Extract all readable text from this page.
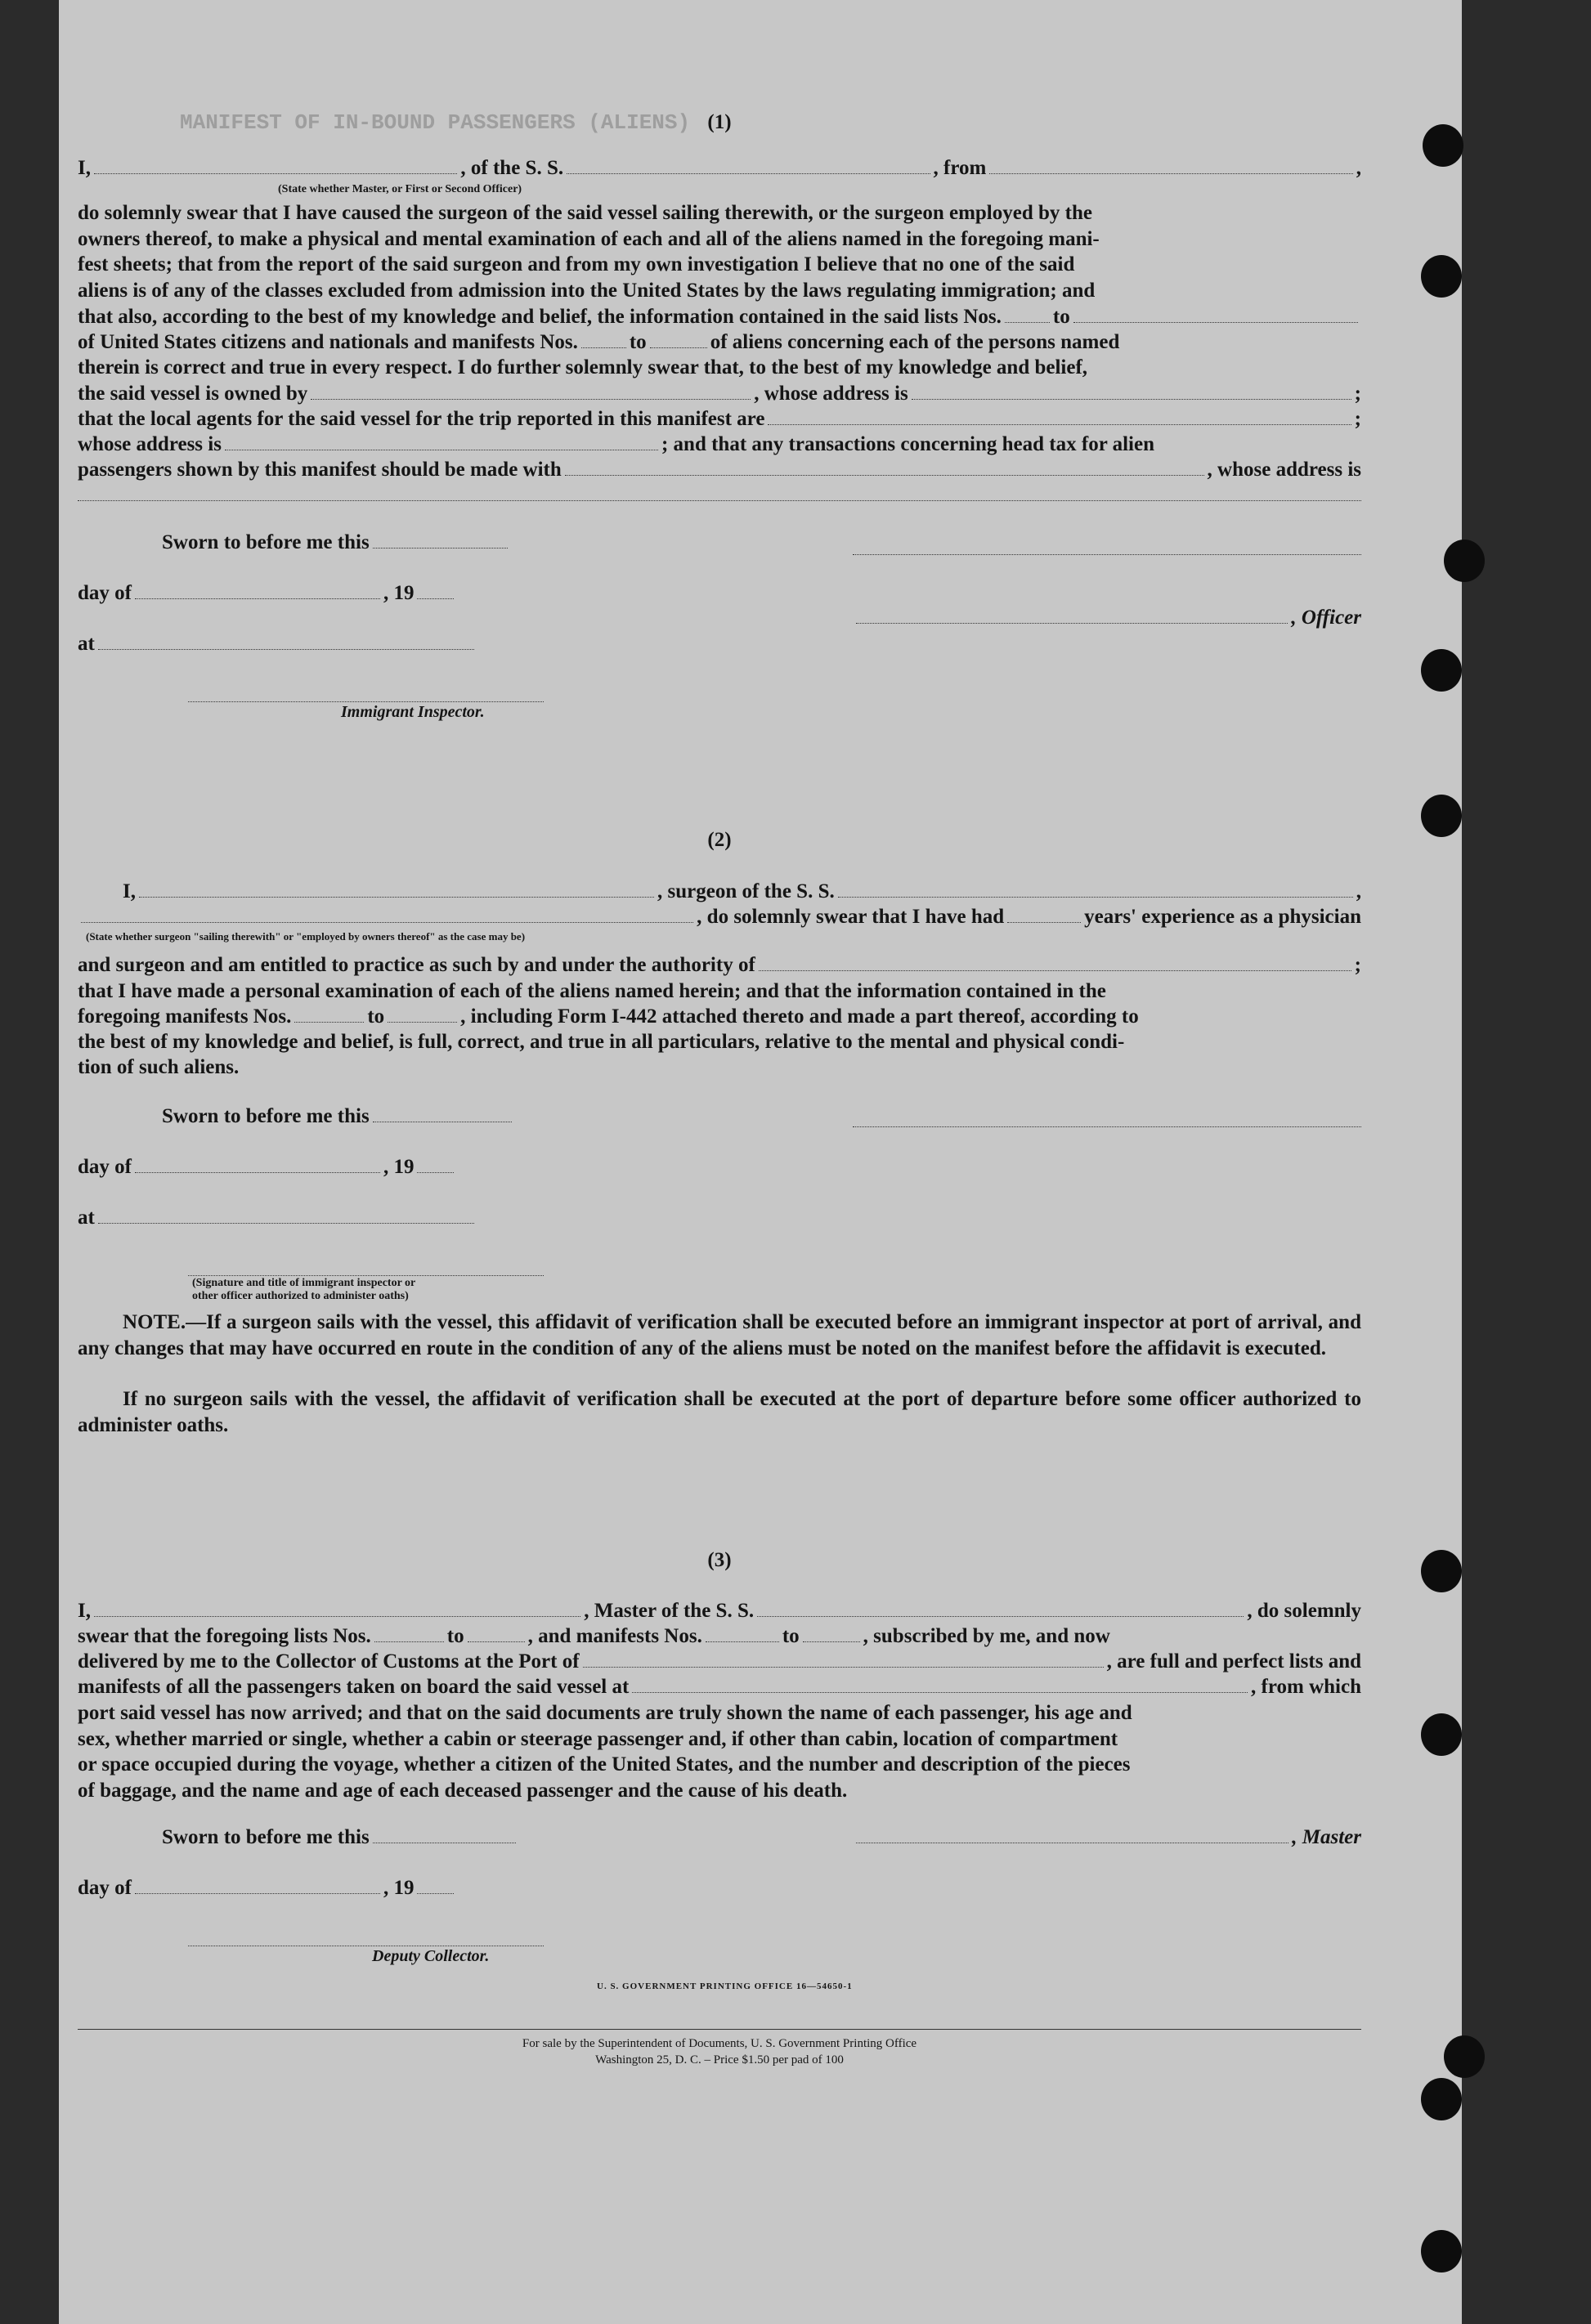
MANIFEST OF IN-BOUND PASSENGERS (ALIENS) (1)
I,	, of the S. S.	, from	,
(State whether Master, or First or Second Officer)
do solemnly swear that I have caused the surgeon of the said vessel sailing therewith, or the surgeon employed by the
owners thereof, to make a physical and mental examination of each and all of the aliens named in the foregoing mani-
fest sheets; that from the report of the said surgeon and from my own investigation I believe that no one of the said
aliens is of any of the classes excluded from admission into the United States by the laws regulating immigration; and
that also, according to the best of my knowledge and belief, the information contained in the said lists Nos.	to
of United States citizens and nationals and manifests Nos.	to	of aliens concerning each of the persons named
therein is correct and true in every respect. I do further solemnly swear that, to the best of my knowledge and belief,
the said vessel is owned by	, whose address is	;
that the local agents for the said vessel for the trip reported in this manifest are	;
whose address is	; and that any transactions concerning head tax for alien
passengers shown by this manifest should be made with	, whose address is
Sworn to before me this
day of	, 19
, Officer
at
Immigrant Inspector.
(2)
I,	, surgeon of the S. S.	,
, do solemnly swear that I have had	years' experience as a physician
(State whether surgeon "sailing therewith" or "employed by owners thereof" as the case may be)
and surgeon and am entitled to practice as such by and under the authority of	;
that I have made a personal examination of each of the aliens named herein; and that the information contained in the
foregoing manifests Nos.	to	, including Form I-442 attached thereto and made a part thereof, according to
the best of my knowledge and belief, is full, correct, and true in all particulars, relative to the mental and physical condi-
tion of such aliens.
Sworn to before me this
day of	, 19
at
(Signature and title of immigrant inspector or
other officer authorized to administer oaths)
NOTE.—If a surgeon sails with the vessel, this affidavit of verification shall be executed before an immigrant inspector at port of arrival, and any changes that may have occurred en route in the condition of any of the aliens must be noted on the manifest before the affidavit is executed.
If no surgeon sails with the vessel, the affidavit of verification shall be executed at the port of departure before some officer authorized to administer oaths.
(3)
I,	, Master of the S. S.	, do solemnly
swear that the foregoing lists Nos.	to	, and manifests Nos.	to	, subscribed by me, and now
delivered by me to the Collector of Customs at the Port of	, are full and perfect lists and
manifests of all the passengers taken on board the said vessel at	, from which
port said vessel has now arrived; and that on the said documents are truly shown the name of each passenger, his age and
sex, whether married or single, whether a cabin or steerage passenger and, if other than cabin, location of compartment
or space occupied during the voyage, whether a citizen of the United States, and the number and description of the pieces
of baggage, and the name and age of each deceased passenger and the cause of his death.
Sworn to before me this	, Master
day of	, 19
Deputy Collector.
U. S. GOVERNMENT PRINTING OFFICE 16—54650-1
For sale by the Superintendent of Documents, U. S. Government Printing Office
Washington 25, D. C. – Price $1.50 per pad of 100
